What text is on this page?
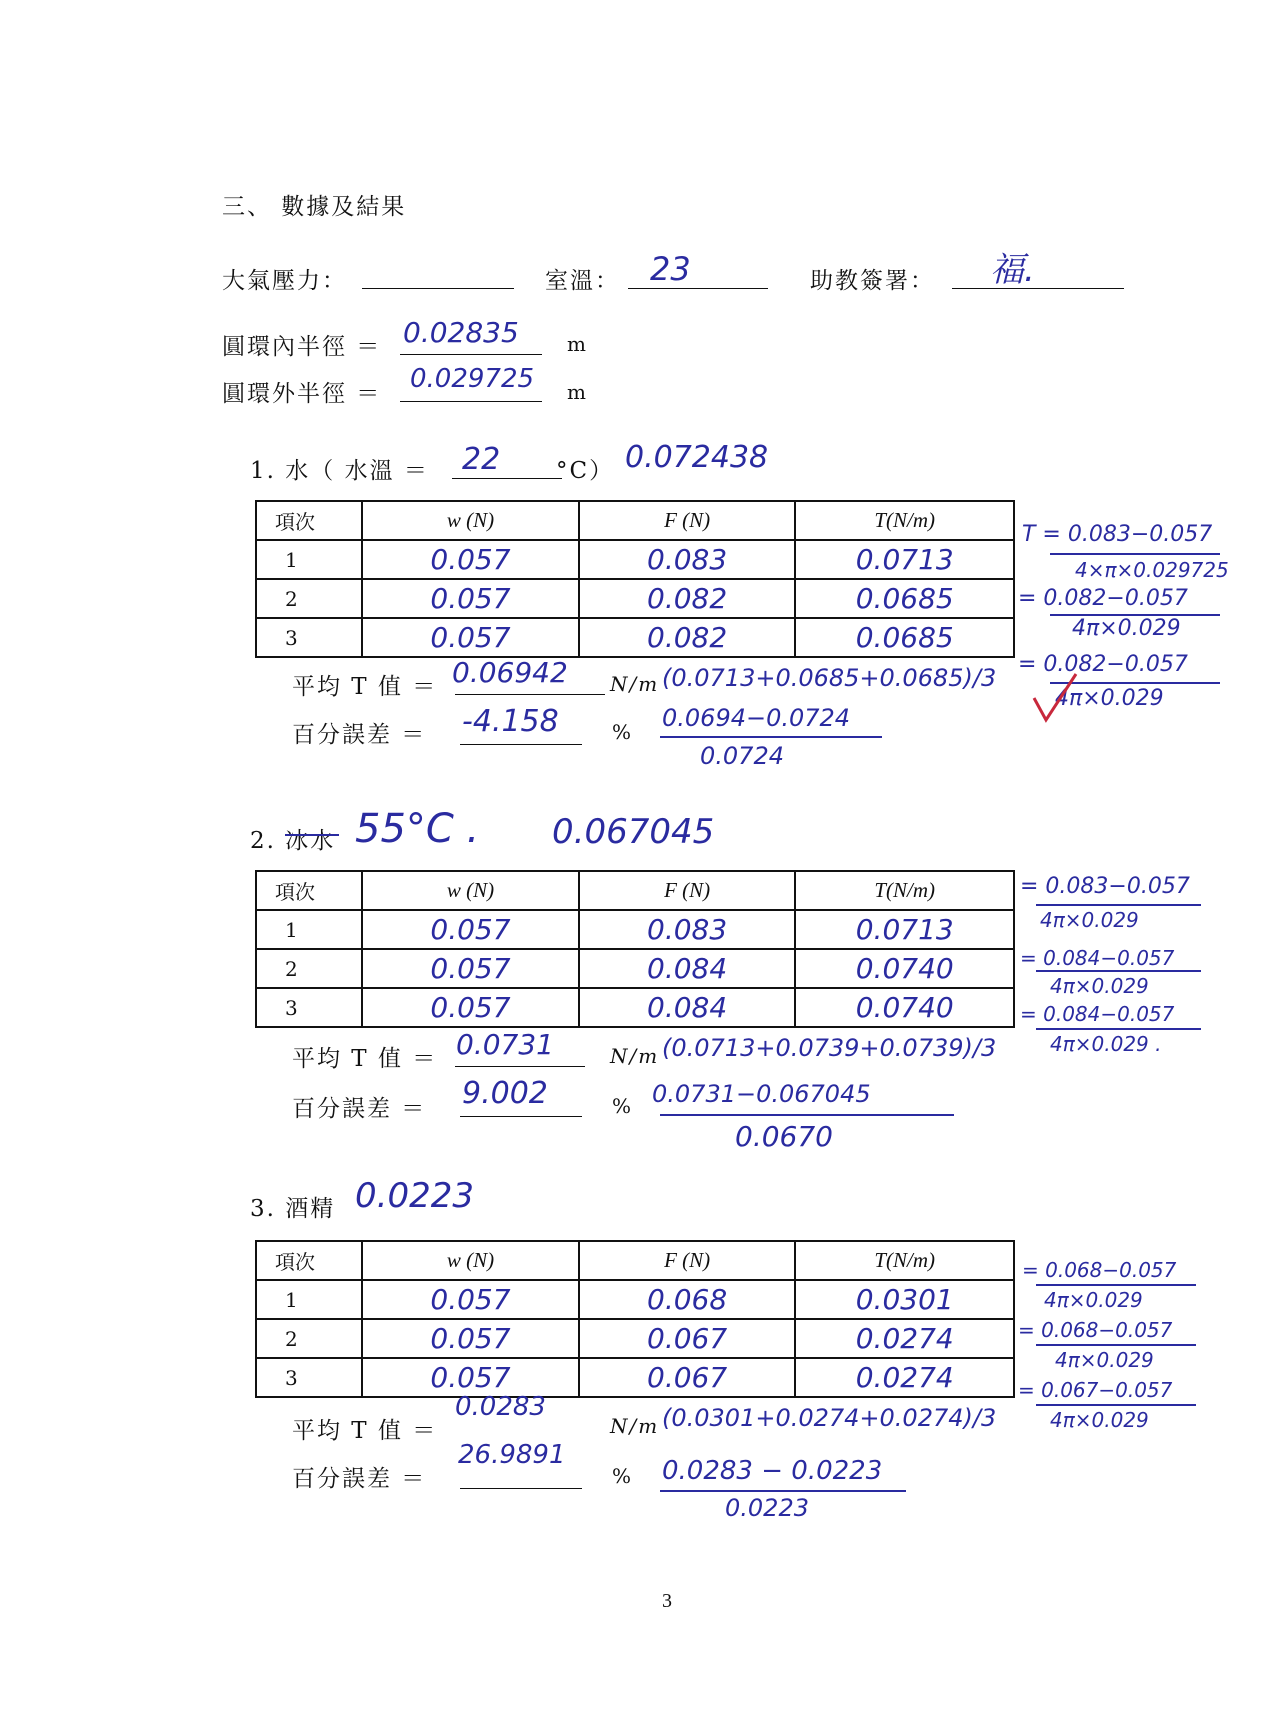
三、 數據及結果
大氣壓力：	室溫： 23	助教簽署： 福.
圓環內半徑 ＝ 0.02835 m
圓環外半徑 ＝ 0.029725 m
1. 水（ 水溫 ＝ 22 °C） 0.072438
項次	w (N)	F (N)	T(N/m)
1	0.057	0.083	0.0713

2	0.057	0.082	0.0685

3	0.057	0.082	0.0685
平均 T 值 ＝ 0.06942 N/m (0.0713+0.0685+0.0685)/3
百分誤差 ＝ -4.158	% 0.0694−0.0724
0.0724
T = 0.083−0.057
4×π×0.029725
= 0.082−0.057
4π×0.029
= 0.082−0.057
4π×0.029
2. 冰水 55°C . 0.067045
項次	w (N)	F (N)	T(N/m)
1	0.057	0.083	0.0713

2	0.057	0.084	0.0740

3	0.057	0.084	0.0740
平均 T 值 ＝ 0.0731	N/m (0.0713+0.0739+0.0739)/3
百分誤差 ＝ 9.002	% 0.0731−0.067045
0.0670
= 0.083−0.057
4π×0.029
= 0.084−0.057
4π×0.029
= 0.084−0.057
4π×0.029 .
3. 酒精 0.0223
項次	w (N)	F (N)	T(N/m)
1	0.057	0.068	0.0301

2	0.057	0.067	0.0274

3	0.057	0.067	0.0274
平均 T 值 ＝
0.0283
N/m (0.0301+0.0274+0.0274)/3
百分誤差 ＝
26.9891
% 0.0283 − 0.0223
0.0223
= 0.068−0.057
4π×0.029
= 0.068−0.057
4π×0.029
= 0.067−0.057
4π×0.029
3
